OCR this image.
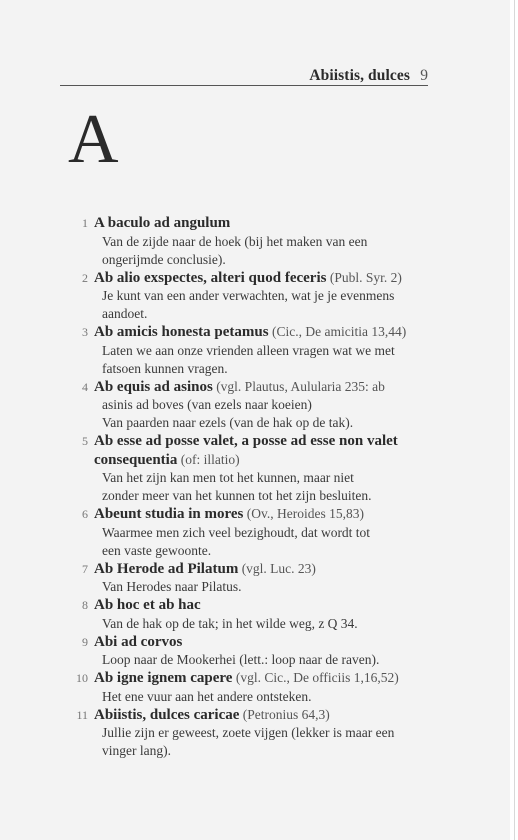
Abiistis, dulces 9
A
1 A baculo ad angulum
Van de zijde naar de hoek (bij het maken van een
ongerijmde conclusie).
2 Ab alio exspectes, alteri quod feceris (Publ. Syr. 2)
Je kunt van een ander verwachten, wat je je evenmens
aandoet.
3 Ab amicis honesta petamus (Cic., De amicitia 13,44)
Laten we aan onze vrienden alleen vragen wat we met
fatsoen kunnen vragen.
4 Ab equis ad asinos (vgl. Plautus, Aulularia 235: ab
asinis ad boves (van ezels naar koeien)
Van paarden naar ezels (van de hak op de tak).
5 Ab esse ad posse valet, a posse ad esse non valet
consequentia (of: illatio)
Van het zijn kan men tot het kunnen, maar niet
zonder meer van het kunnen tot het zijn besluiten.
6 Abeunt studia in mores (Ov., Heroides 15,83)
Waarmee men zich veel bezighoudt, dat wordt tot
een vaste gewoonte.
7 Ab Herode ad Pilatum (vgl. Luc. 23)
Van Herodes naar Pilatus.
8 Ab hoc et ab hac
Van de hak op de tak; in het wilde weg, z Q 34.
9 Abi ad corvos
Loop naar de Mookerhei (lett.: loop naar de raven).
10 Ab igne ignem capere (vgl. Cic., De officiis 1,16,52)
Het ene vuur aan het andere ontsteken.
11 Abiistis, dulces caricae (Petronius 64,3)
Jullie zijn er geweest, zoete vijgen (lekker is maar een
vinger lang).
